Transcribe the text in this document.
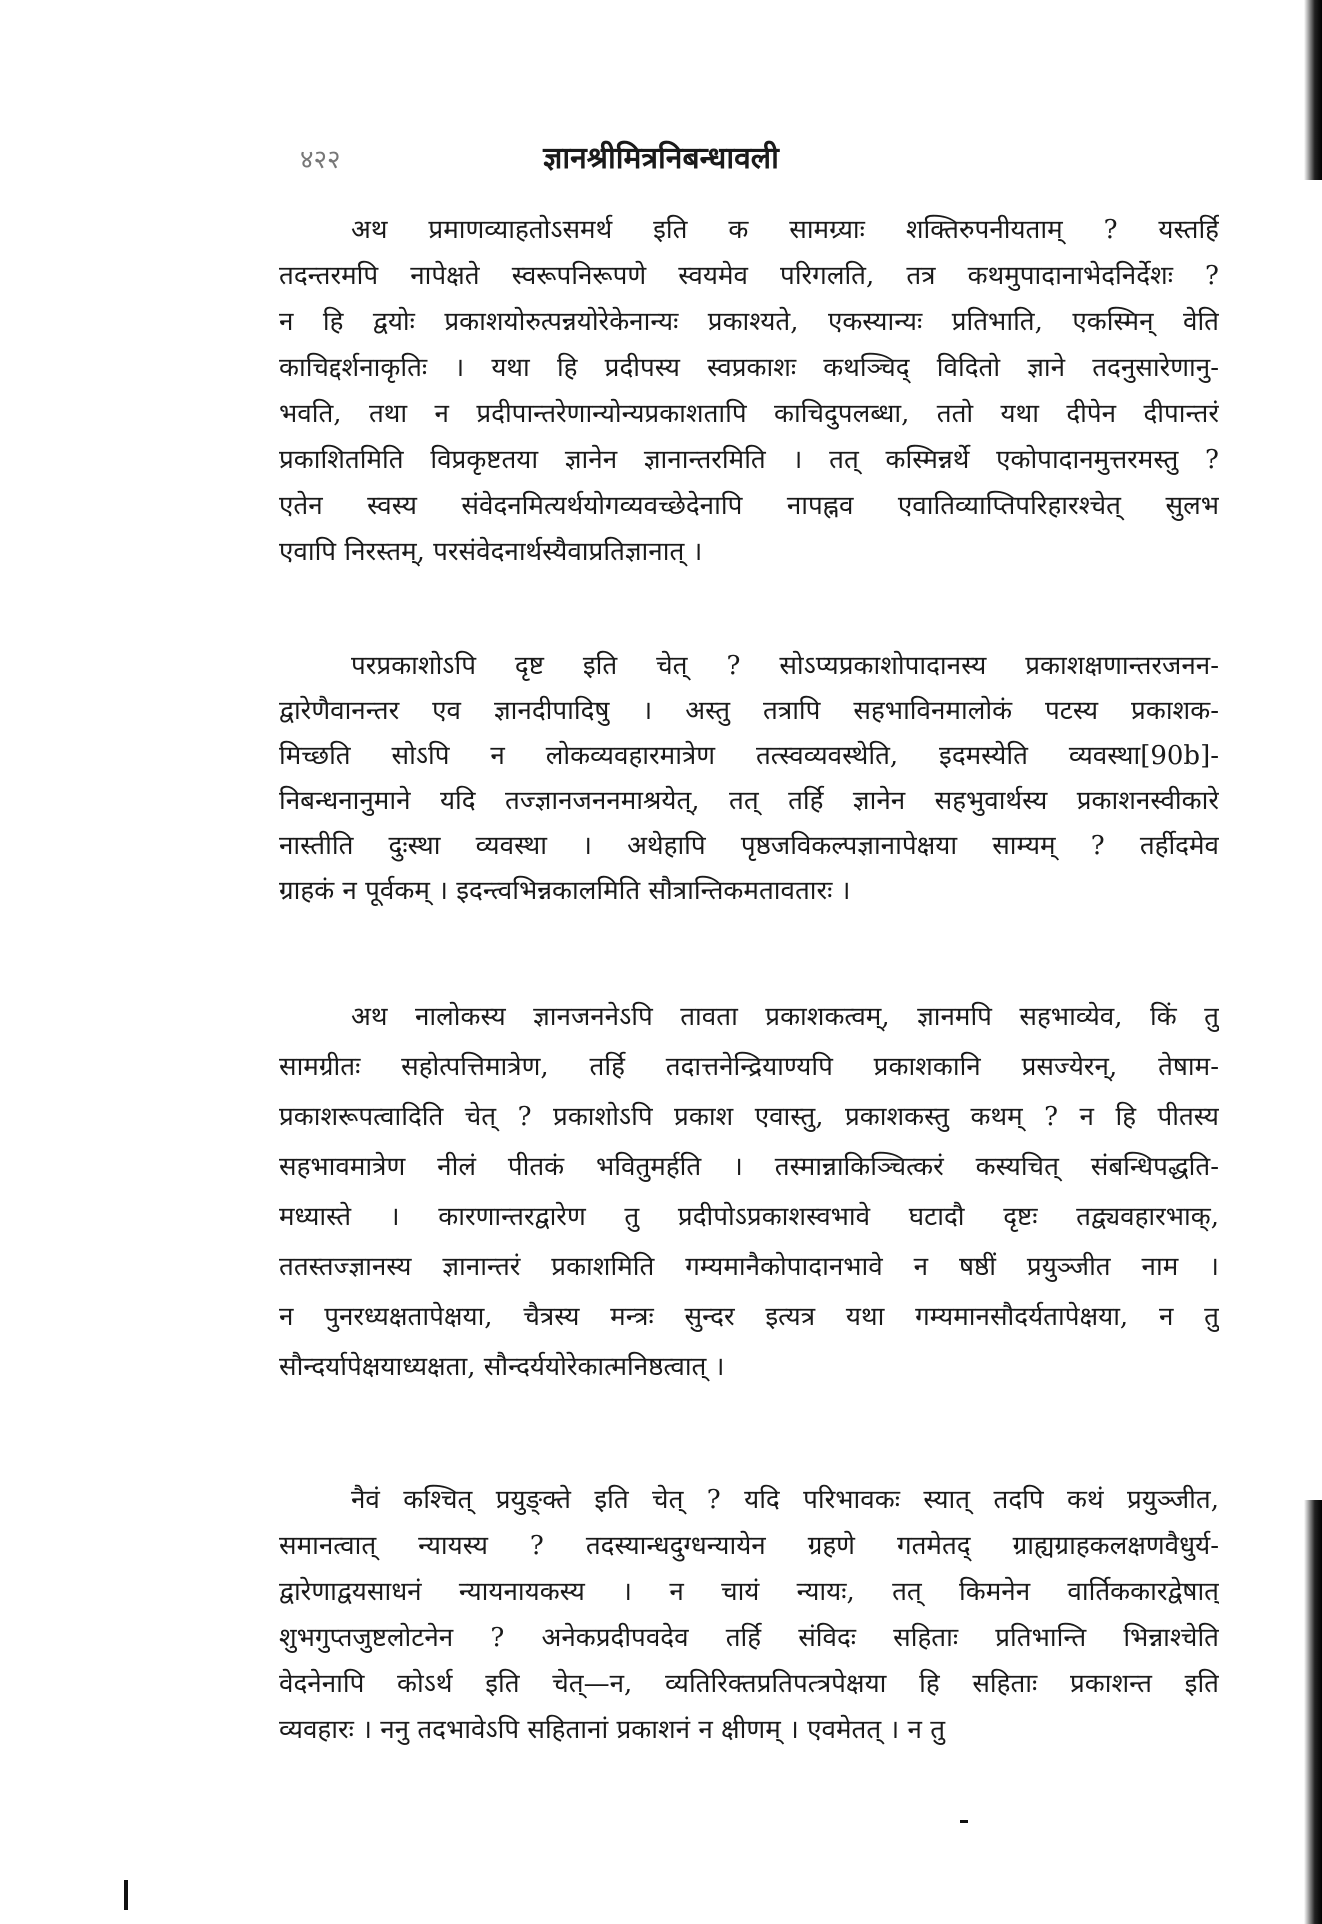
४२२	ज्ञानश्रीमित्रनिबन्धावली
अथ प्रमाणव्याहतोऽसमर्थ इति क सामग्र्याः शक्तिरुपनीयताम् ? यस्तर्हि
तदन्तरमपि नापेक्षते स्वरूपनिरूपणे स्वयमेव परिगलति, तत्र कथमुपादानाभेदनिर्देशः ?
न हि द्वयोः प्रकाशयोरुत्पन्नयोरेकेनान्यः प्रकाश्यते, एकस्यान्यः प्रतिभाति, एकस्मिन् वेति
काचिद्दर्शनाकृतिः । यथा हि प्रदीपस्य स्वप्रकाशः कथञ्चिद् विदितो ज्ञाने तदनुसारेणानु-
भवति, तथा न प्रदीपान्तरेणान्योन्यप्रकाशतापि काचिदुपलब्धा, ततो यथा दीपेन दीपान्तरं
प्रकाशितमिति विप्रकृष्टतया ज्ञानेन ज्ञानान्तरमिति । तत् कस्मिन्नर्थे एकोपादानमुत्तरमस्तु ?
एतेन स्वस्य संवेदनमित्यर्थयोगव्यवच्छेदेनापि नापह्नव एवातिव्याप्तिपरिहारश्चेत् सुलभ
एवापि निरस्तम्, परसंवेदनार्थस्यैवाप्रतिज्ञानात् ।
परप्रकाशोऽपि दृष्ट इति चेत् ? सोऽप्यप्रकाशोपादानस्य प्रकाशक्षणान्तरजनन-
द्वारेणैवानन्तर एव ज्ञानदीपादिषु । अस्तु तत्रापि सहभाविनमालोकं पटस्य प्रकाशक-
मिच्छति सोऽपि न लोकव्यवहारमात्रेण तत्स्वव्यवस्थेति, इदमस्येति व्यवस्था[90b]-
निबन्धनानुमाने यदि तज्ज्ञानजननमाश्रयेत्, तत् तर्हि ज्ञानेन सहभुवार्थस्य प्रकाशनस्वीकारे
नास्तीति दुःस्था व्यवस्था । अथेहापि पृष्ठजविकल्पज्ञानापेक्षया साम्यम् ? तर्हीदमेव
ग्राहकं न पूर्वकम् । इदन्त्वभिन्नकालमिति सौत्रान्तिकमतावतारः ।
अथ नालोकस्य ज्ञानजननेऽपि तावता प्रकाशकत्वम्, ज्ञानमपि सहभाव्येव, किं तु
सामग्रीतः सहोत्पत्तिमात्रेण, तर्हि तदात्तनेन्द्रियाण्यपि प्रकाशकानि प्रसज्येरन्, तेषाम-
प्रकाशरूपत्वादिति चेत् ? प्रकाशोऽपि प्रकाश एवास्तु, प्रकाशकस्तु कथम् ? न हि पीतस्य
सहभावमात्रेण नीलं पीतकं भवितुमर्हति । तस्मान्नाकिञ्चित्करं कस्यचित् संबन्धिपद्धति-
मध्यास्ते । कारणान्तरद्वारेण तु प्रदीपोऽप्रकाशस्वभावे घटादौ दृष्टः तद्व्यवहारभाक्,
ततस्तज्ज्ञानस्य ज्ञानान्तरं प्रकाशमिति गम्यमानैकोपादानभावे न षष्ठीं प्रयुञ्जीत नाम ।
न पुनरध्यक्षतापेक्षया, चैत्रस्य मन्त्रः सुन्दर इत्यत्र यथा गम्यमानसौदर्यतापेक्षया, न तु
सौन्दर्यापेक्षयाध्यक्षता, सौन्दर्ययोरेकात्मनिष्ठत्वात् ।
नैवं कश्चित् प्रयुङ्क्ते इति चेत् ? यदि परिभावकः स्यात् तदपि कथं प्रयुञ्जीत,
समानत्वात् न्यायस्य ? तदस्यान्धदुग्धन्यायेन ग्रहणे गतमेतद् ग्राह्यग्राहकलक्षणवैधुर्य-
द्वारेणाद्वयसाधनं न्यायनायकस्य । न चायं न्यायः, तत् किमनेन वार्तिककारद्वेषात्
शुभगुप्तजुष्टलोटनेन ? अनेकप्रदीपवदेव तर्हि संविदः सहिताः प्रतिभान्ति भिन्नाश्चेति
वेदनेनापि कोऽर्थ इति चेत्—न, व्यतिरिक्तप्रतिपत्त्रपेक्षया हि सहिताः प्रकाशन्त इति
व्यवहारः । ननु तदभावेऽपि सहितानां प्रकाशनं न क्षीणम् । एवमेतत् । न तु
